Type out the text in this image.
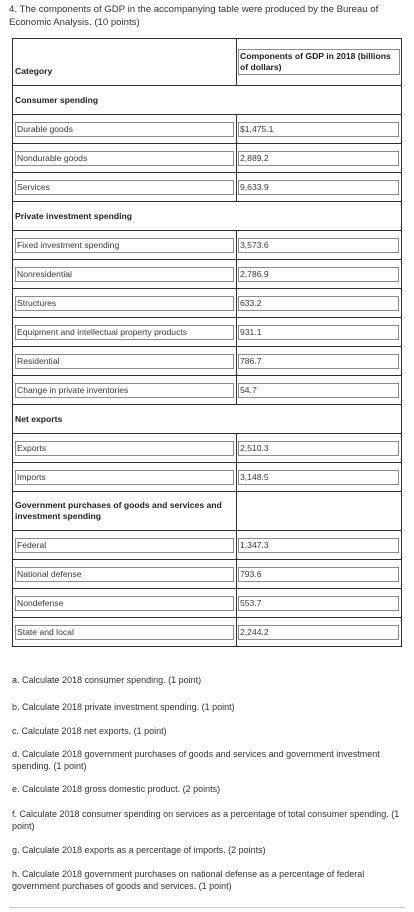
4. The components of GDP in the accompanying table were produced by the Bureau of Economic Analysis. (10 points)
Category	Components of GDP in 2018 (billions of dollars)

Consumer spending	

Durable goods	$1,475.1

Nondurable goods	2,889.2

Services	9,633.9

Private investment spending	

Fixed investment spending	3,573.6

Nonresidential	2,786.9

Structures	633.2

Equipment and intellectual property products	931.1

Residential	786.7

Change in private inventories	54.7

Net exports	

Exports	2,510.3

Imports	3,148.5

Government purchases of goods and services and investment spending	

Federal	1,347.3

National defense	793.6

Nondefense	553.7

State and local	2,244.2

a. Calculate 2018 consumer spending. (1 point)

b. Calculate 2018 private investment spending. (1 point)

c. Calculate 2018 net exports. (1 point)

d. Calculate 2018 government purchases of goods and services and government investment spending. (1 point)

e. Calculate 2018 gross domestic product. (2 points)

f. Calculate 2018 consumer spending on services as a percentage of total consumer spending. (1 point)

g. Calculate 2018 exports as a percentage of imports. (2 points)

h. Calculate 2018 government purchases on national defense as a percentage of federal government purchases of goods and services. (1 point)
